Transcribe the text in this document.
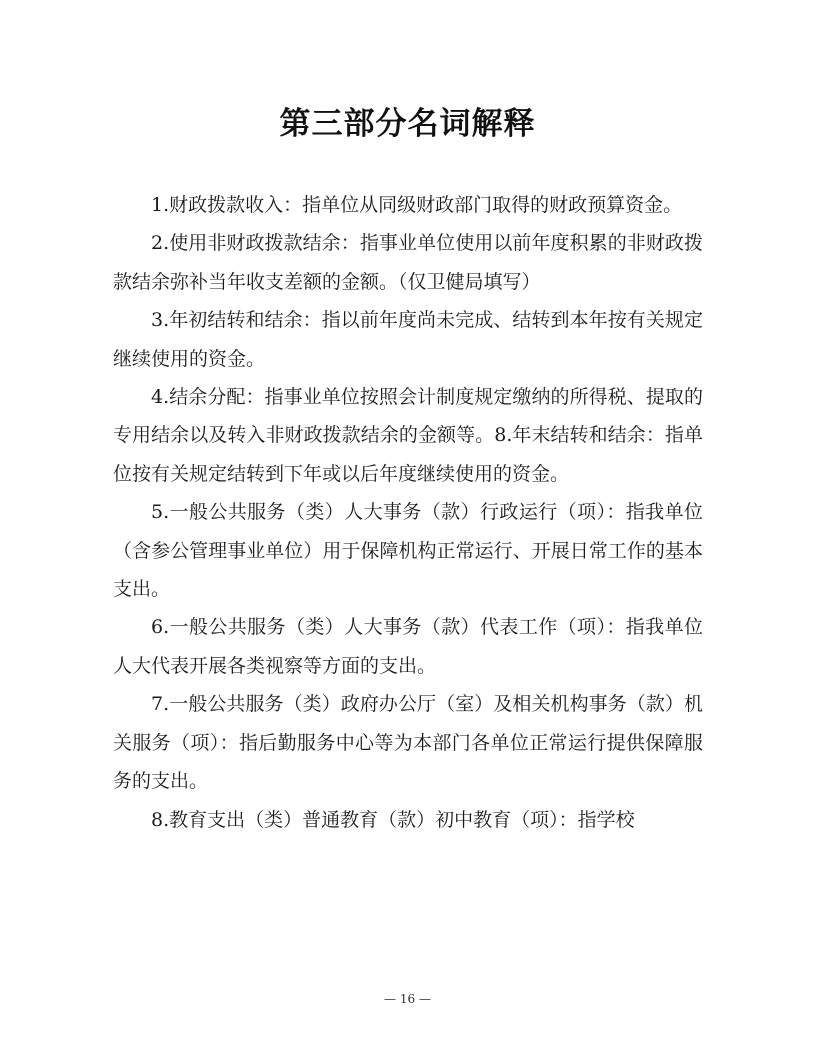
第三部分名词解释

1.财政拨款收入：指单位从同级财政部门取得的财政预算资金。

2.使用非财政拨款结余：指事业单位使用以前年度积累的非财政拨款结余弥补当年收支差额的金额。（仅卫健局填写）

3.年初结转和结余：指以前年度尚未完成、结转到本年按有关规定继续使用的资金。

4.结余分配：指事业单位按照会计制度规定缴纳的所得税、提取的专用结余以及转入非财政拨款结余的金额等。8.年末结转和结余：指单位按有关规定结转到下年或以后年度继续使用的资金。

5.一般公共服务（类）人大事务（款）行政运行（项）：指我单位（含参公管理事业单位）用于保障机构正常运行、开展日常工作的基本支出。

6.一般公共服务（类）人大事务（款）代表工作（项）：指我单位人大代表开展各类视察等方面的支出。

7.一般公共服务（类）政府办公厅（室）及相关机构事务（款）机关服务（项）：指后勤服务中心等为本部门各单位正常运行提供保障服务的支出。

8.教育支出（类）普通教育（款）初中教育（项）：指学校

— 16 —
